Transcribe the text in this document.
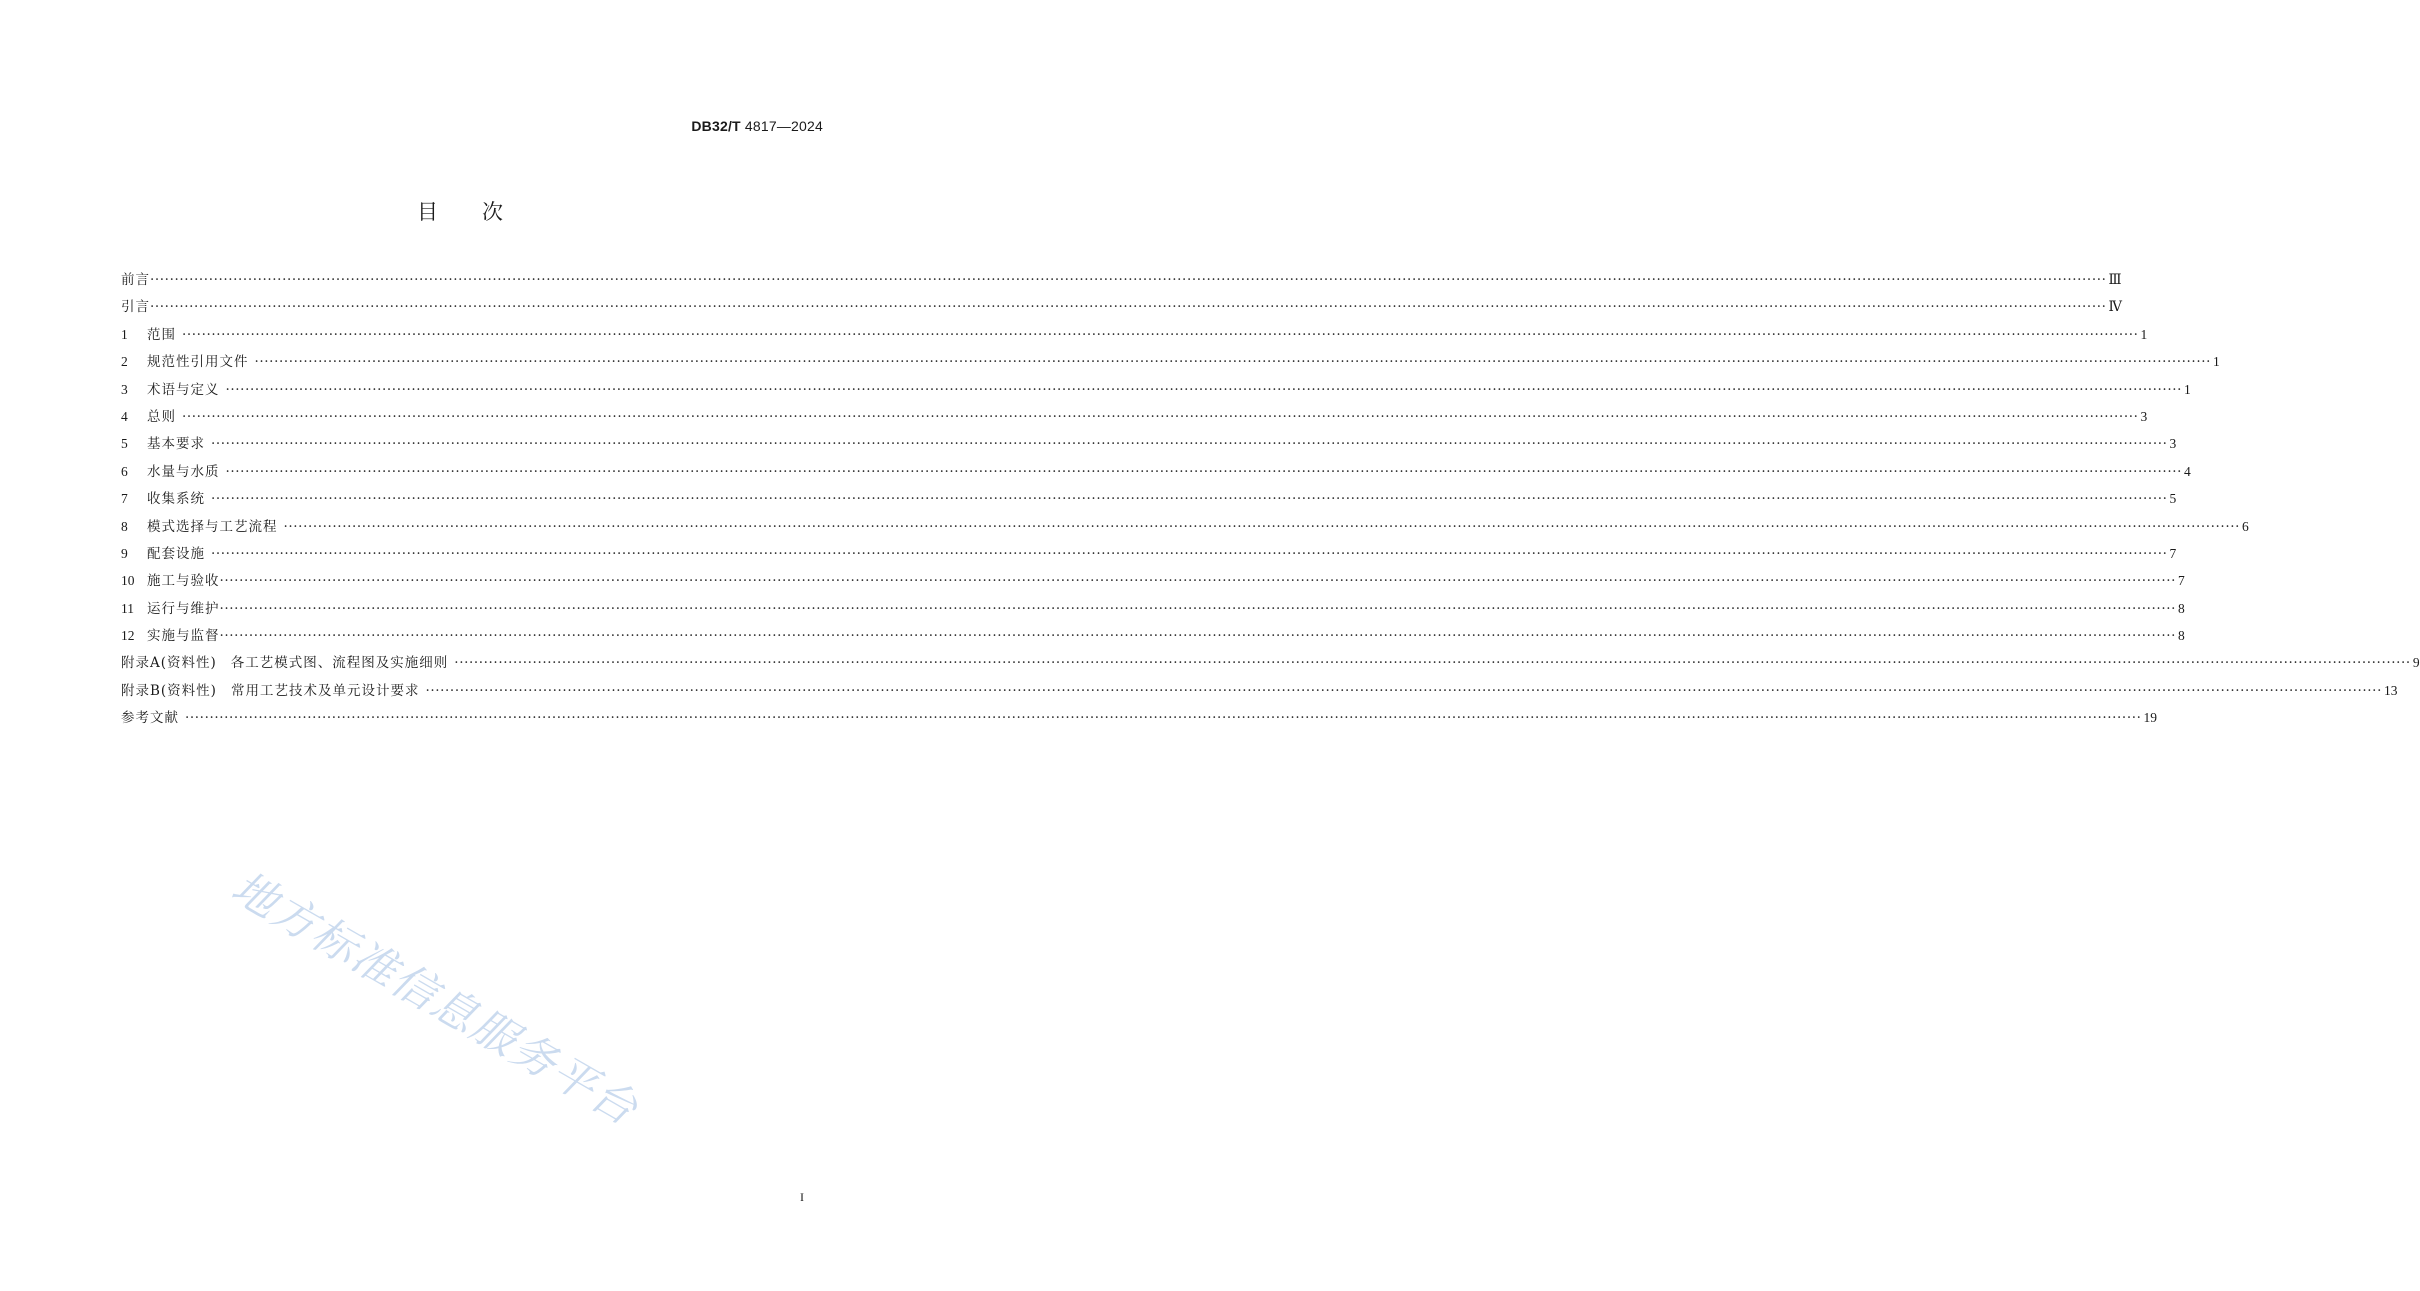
DB32/T 4817—2024
目次
前言 ················································································································································································································································································································································································································ Ⅲ
引言 ················································································································································································································································································································································································································ Ⅳ
1	范围 ················································································································································································································································································································································································································ 1
2	规范性引用文件 ················································································································································································································································································································································································································ 1
3	术语与定义 ················································································································································································································································································································································································································ 1
4	总则 ················································································································································································································································································································································································································ 3
5	基本要求 ················································································································································································································································································································································································································ 3
6	水量与水质 ················································································································································································································································································································································································································ 4
7	收集系统 ················································································································································································································································································································································································································ 5
8	模式选择与工艺流程 ················································································································································································································································································································································································································ 6
9	配套设施 ················································································································································································································································································································································································································ 7
10 施工与验收 ················································································································································································································································································································································································································ 7
11 运行与维护 ················································································································································································································································································································································································································ 8
12 实施与监督 ················································································································································································································································································································································································································ 8
附录A(资料性) 各工艺模式图、流程图及实施细则 ················································································································································································································································································································································································································ 9
附录B(资料性) 常用工艺技术及单元设计要求 ················································································································································································································································································································································································································ 13
参考文献 ················································································································································································································································································································································································································ 19
地方标准信息服务平台
I
